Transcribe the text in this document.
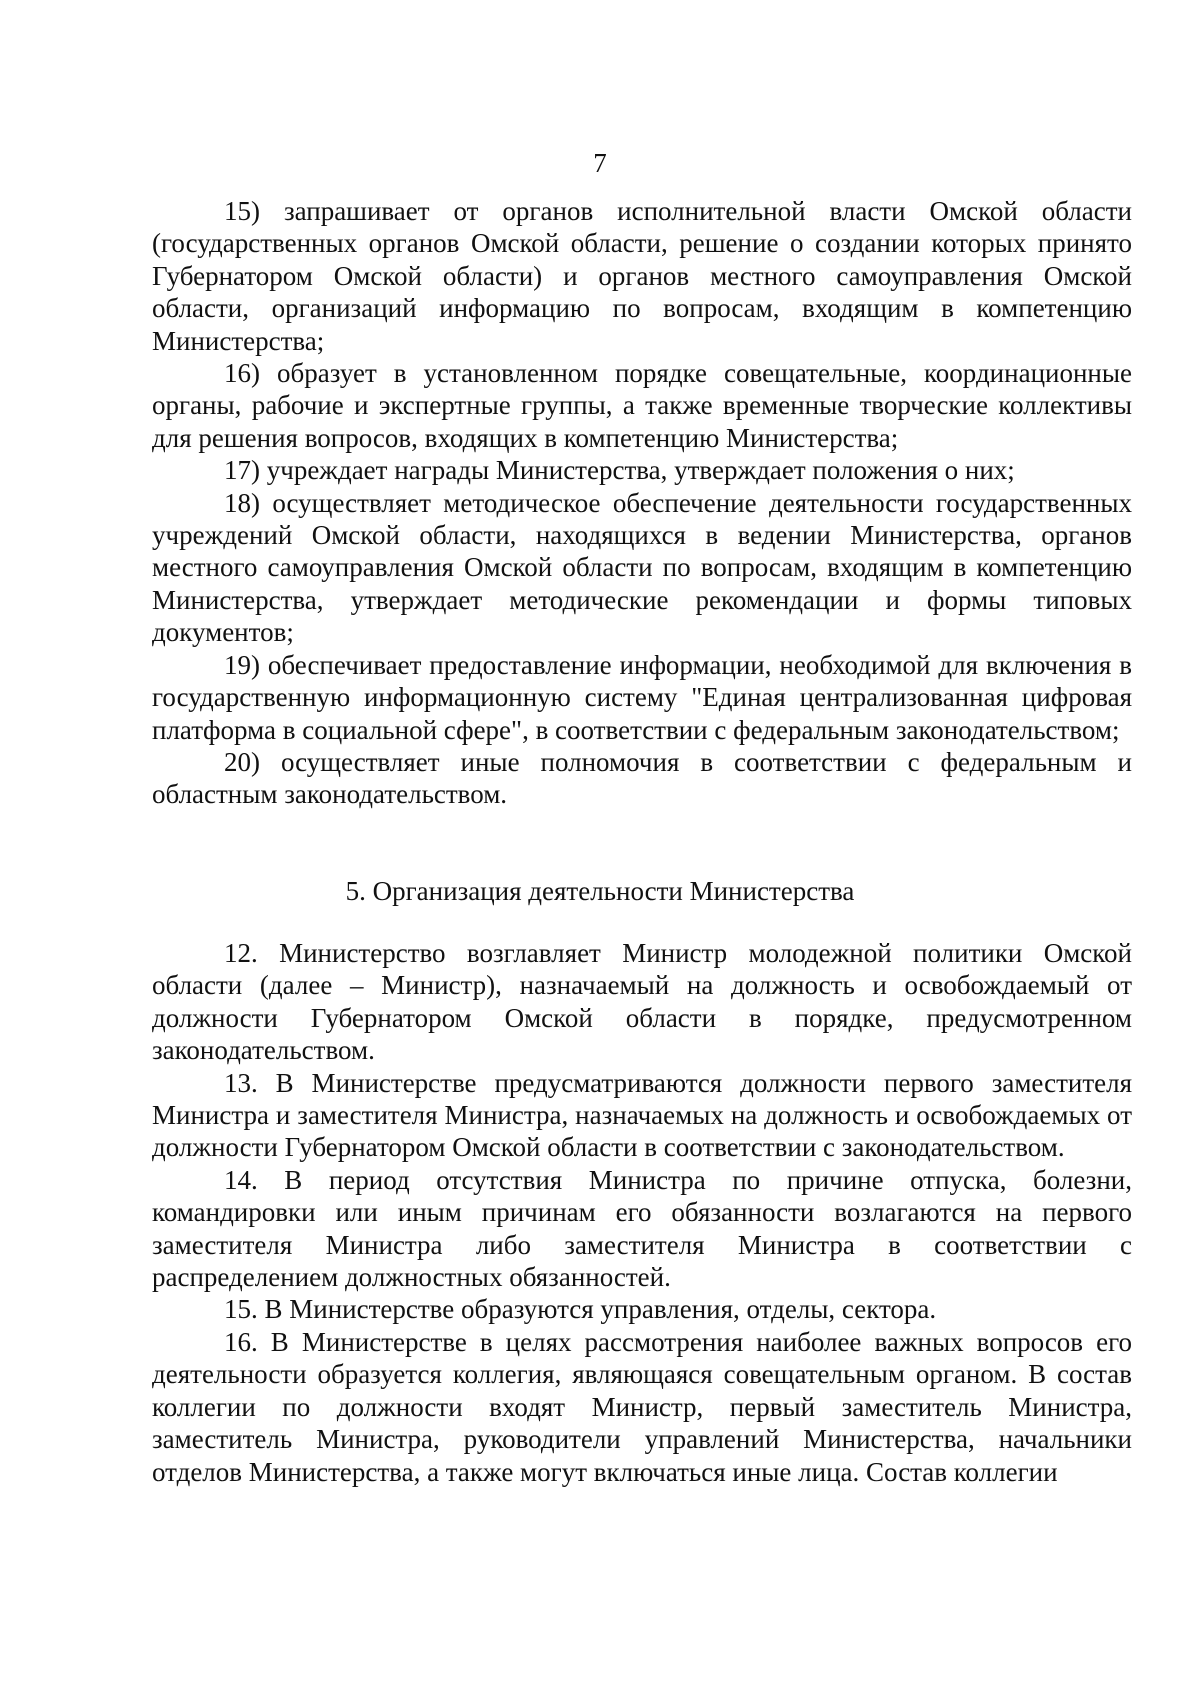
7

15) запрашивает от органов исполнительной власти Омской области (государственных органов Омской области, решение о создании которых принято Губернатором Омской области) и органов местного самоуправления Омской области, организаций информацию по вопросам, входящим в компетенцию Министерства;

16) образует в установленном порядке совещательные, координационные органы, рабочие и экспертные группы, а также временные творческие коллективы для решения вопросов, входящих в компетенцию Министерства;

17) учреждает награды Министерства, утверждает положения о них;

18) осуществляет методическое обеспечение деятельности государственных учреждений Омской области, находящихся в ведении Министерства, органов местного самоуправления Омской области по вопросам, входящим в компетенцию Министерства, утверждает методические рекомендации и формы типовых документов;

19) обеспечивает предоставление информации, необходимой для включения в государственную информационную систему "Единая централизованная цифровая платформа в социальной сфере", в соответствии с федеральным законодательством;

20) осуществляет иные полномочия в соответствии с федеральным и областным законодательством.

5. Организация деятельности Министерства

12. Министерство возглавляет Министр молодежной политики Омской области (далее – Министр), назначаемый на должность и освобождаемый от должности Губернатором Омской области в порядке, предусмотренном законодательством.

13. В Министерстве предусматриваются должности первого заместителя Министра и заместителя Министра, назначаемых на должность и освобождаемых от должности Губернатором Омской области в соответствии с законодательством.

14. В период отсутствия Министра по причине отпуска, болезни, командировки или иным причинам его обязанности возлагаются на первого заместителя Министра либо заместителя Министра в соответствии с распределением должностных обязанностей.

15. В Министерстве образуются управления, отделы, сектора.

16. В Министерстве в целях рассмотрения наиболее важных вопросов его деятельности образуется коллегия, являющаяся совещательным органом. В состав коллегии по должности входят Министр, первый заместитель Министра, заместитель Министра, руководители управлений Министерства, начальники отделов Министерства, а также могут включаться иные лица. Состав коллегии
